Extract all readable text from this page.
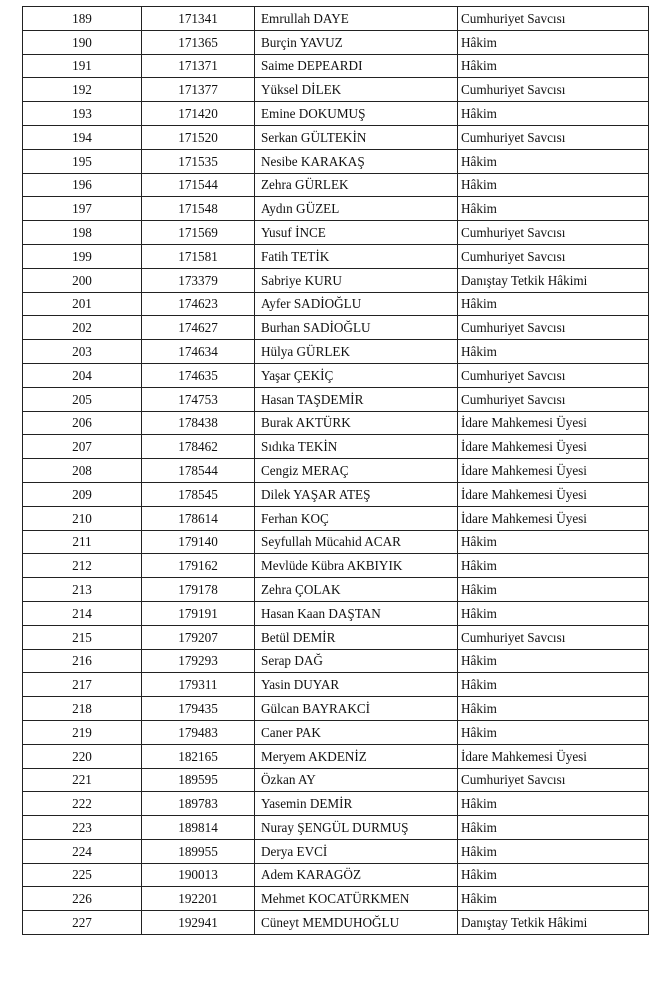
189	171341	Emrullah DAYE	Cumhuriyet Savcısı
190	171365	Burçin YAVUZ	Hâkim
191	171371	Saime DEPEARDI	Hâkim
192	171377	Yüksel DİLEK	Cumhuriyet Savcısı
193	171420	Emine DOKUMUŞ	Hâkim
194	171520	Serkan GÜLTEKİN	Cumhuriyet Savcısı
195	171535	Nesibe KARAKAŞ	Hâkim
196	171544	Zehra GÜRLEK	Hâkim
197	171548	Aydın GÜZEL	Hâkim
198	171569	Yusuf İNCE	Cumhuriyet Savcısı
199	171581	Fatih TETİK	Cumhuriyet Savcısı
200	173379	Sabriye KURU	Danıştay Tetkik Hâkimi
201	174623	Ayfer SADİOĞLU	Hâkim
202	174627	Burhan SADİOĞLU	Cumhuriyet Savcısı
203	174634	Hülya GÜRLEK	Hâkim
204	174635	Yaşar ÇEKİÇ	Cumhuriyet Savcısı
205	174753	Hasan TAŞDEMİR	Cumhuriyet Savcısı
206	178438	Burak AKTÜRK	İdare Mahkemesi Üyesi
207	178462	Sıdıka TEKİN	İdare Mahkemesi Üyesi
208	178544	Cengiz MERAÇ	İdare Mahkemesi Üyesi
209	178545	Dilek YAŞAR ATEŞ	İdare Mahkemesi Üyesi
210	178614	Ferhan KOÇ	İdare Mahkemesi Üyesi
211	179140	Seyfullah Mücahid ACAR	Hâkim
212	179162	Mevlüde Kübra AKBIYIK	Hâkim
213	179178	Zehra ÇOLAK	Hâkim
214	179191	Hasan Kaan DAŞTAN	Hâkim
215	179207	Betül DEMİR	Cumhuriyet Savcısı
216	179293	Serap DAĞ	Hâkim
217	179311	Yasin DUYAR	Hâkim
218	179435	Gülcan BAYRAKCİ	Hâkim
219	179483	Caner PAK	Hâkim
220	182165	Meryem AKDENİZ	İdare Mahkemesi Üyesi
221	189595	Özkan AY	Cumhuriyet Savcısı
222	189783	Yasemin DEMİR	Hâkim
223	189814	Nuray ŞENGÜL DURMUŞ	Hâkim
224	189955	Derya EVCİ	Hâkim
225	190013	Adem KARAGÖZ	Hâkim
226	192201	Mehmet KOCATÜRKMEN	Hâkim
227	192941	Cüneyt MEMDUHOĞLU	Danıştay Tetkik Hâkimi
